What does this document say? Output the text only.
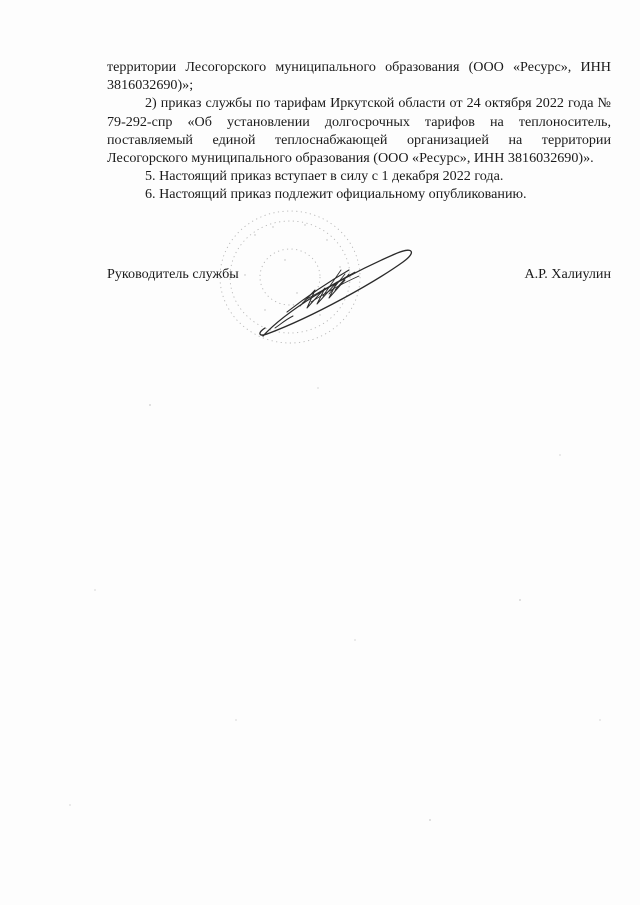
территории Лесогорского муниципального образования (ООО «Ресурс», ИНН 3816032690)»;

2) приказ службы по тарифам Иркутской области от 24 октября 2022 года № 79-292-спр «Об установлении долгосрочных тарифов на теплоноситель, поставляемый единой теплоснабжающей организацией на территории Лесогорского муниципального образования (ООО «Ресурс», ИНН 3816032690)».

5. Настоящий приказ вступает в силу с 1 декабря 2022 года.

6. Настоящий приказ подлежит официальному опубликованию.

Руководитель службы	А.Р. Халиулин
